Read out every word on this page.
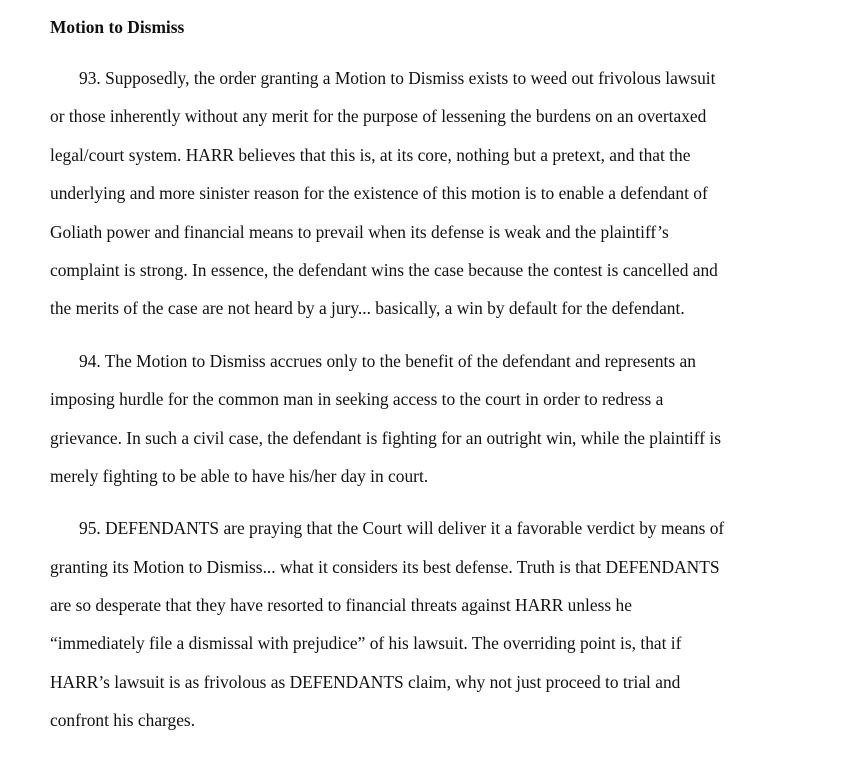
Motion to Dismiss
93. Supposedly, the order granting a Motion to Dismiss exists to weed out frivolous lawsuit
or those inherently without any merit for the purpose of lessening the burdens on an overtaxed
legal/court system. HARR believes that this is, at its core, nothing but a pretext, and that the
underlying and more sinister reason for the existence of this motion is to enable a defendant of
Goliath power and financial means to prevail when its defense is weak and the plaintiff’s
complaint is strong. In essence, the defendant wins the case because the contest is cancelled and
the merits of the case are not heard by a jury... basically, a win by default for the defendant.
94. The Motion to Dismiss accrues only to the benefit of the defendant and represents an
imposing hurdle for the common man in seeking access to the court in order to redress a
grievance. In such a civil case, the defendant is fighting for an outright win, while the plaintiff is
merely fighting to be able to have his/her day in court.
95. DEFENDANTS are praying that the Court will deliver it a favorable verdict by means of
granting its Motion to Dismiss... what it considers its best defense. Truth is that DEFENDANTS
are so desperate that they have resorted to financial threats against HARR unless he
“immediately file a dismissal with prejudice” of his lawsuit. The overriding point is, that if
HARR’s lawsuit is as frivolous as DEFENDANTS claim, why not just proceed to trial and
confront his charges.
